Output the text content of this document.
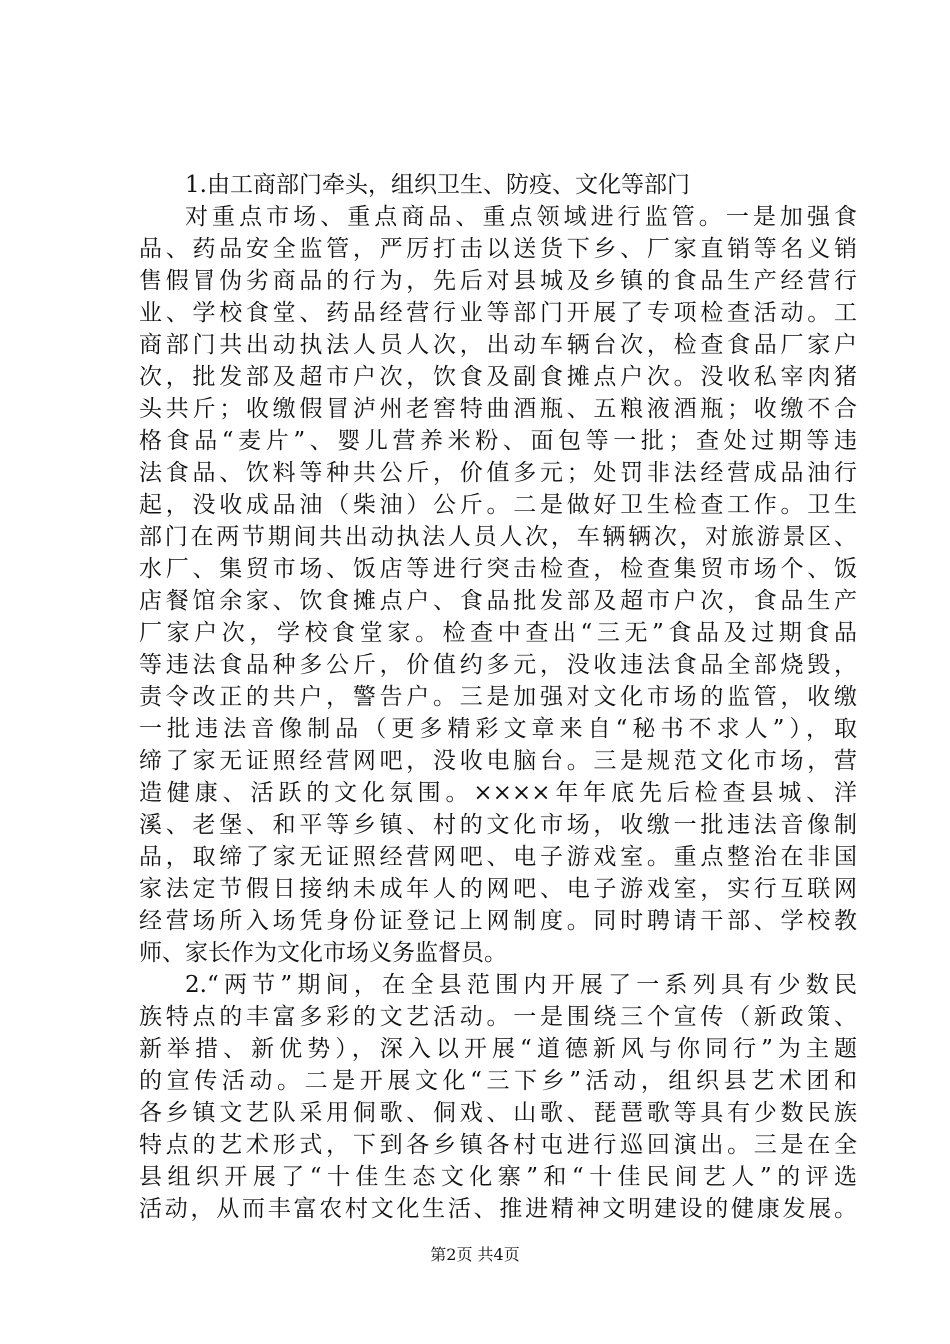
1.由工商部门牵头，组织卫生、防疫、文化等部门
对重点市场、重点商品、重点领域进行监管。一是加强食
品、药品安全监管，严厉打击以送货下乡、厂家直销等名义销
售假冒伪劣商品的行为，先后对县城及乡镇的食品生产经营行
业、学校食堂、药品经营行业等部门开展了专项检查活动。工
商部门共出动执法人员人次，出动车辆台次，检查食品厂家户
次，批发部及超市户次，饮食及副食摊点户次。没收私宰肉猪
头共斤；收缴假冒泸州老窖特曲酒瓶、五粮液酒瓶；收缴不合
格食品“麦片”、婴儿营养米粉、面包等一批；查处过期等违
法食品、饮料等种共公斤，价值多元；处罚非法经营成品油行
起，没收成品油（柴油）公斤。二是做好卫生检查工作。卫生
部门在两节期间共出动执法人员人次，车辆辆次，对旅游景区、
水厂、集贸市场、饭店等进行突击检查，检查集贸市场个、饭
店餐馆余家、饮食摊点户、食品批发部及超市户次，食品生产
厂家户次，学校食堂家。检查中查出“三无”食品及过期食品
等违法食品种多公斤，价值约多元，没收违法食品全部烧毁，
责令改正的共户，警告户。三是加强对文化市场的监管，收缴
一批违法音像制品（更多精彩文章来自“秘书不求人”），取
缔了家无证照经营网吧，没收电脑台。三是规范文化市场，营
造健康、活跃的文化氛围。××××年年底先后检查县城、洋
溪、老堡、和平等乡镇、村的文化市场，收缴一批违法音像制
品，取缔了家无证照经营网吧、电子游戏室。重点整治在非国
家法定节假日接纳未成年人的网吧、电子游戏室，实行互联网
经营场所入场凭身份证登记上网制度。同时聘请干部、学校教
师、家长作为文化市场义务监督员。
2.“两节”期间，在全县范围内开展了一系列具有少数民
族特点的丰富多彩的文艺活动。一是围绕三个宣传（新政策、
新举措、新优势），深入以开展“道德新风与你同行”为主题
的宣传活动。二是开展文化“三下乡”活动，组织县艺术团和
各乡镇文艺队采用侗歌、侗戏、山歌、琵琶歌等具有少数民族
特点的艺术形式，下到各乡镇各村屯进行巡回演出。三是在全
县组织开展了“十佳生态文化寨”和“十佳民间艺人”的评选
活动，从而丰富农村文化生活、推进精神文明建设的健康发展。
第2页 共4页
